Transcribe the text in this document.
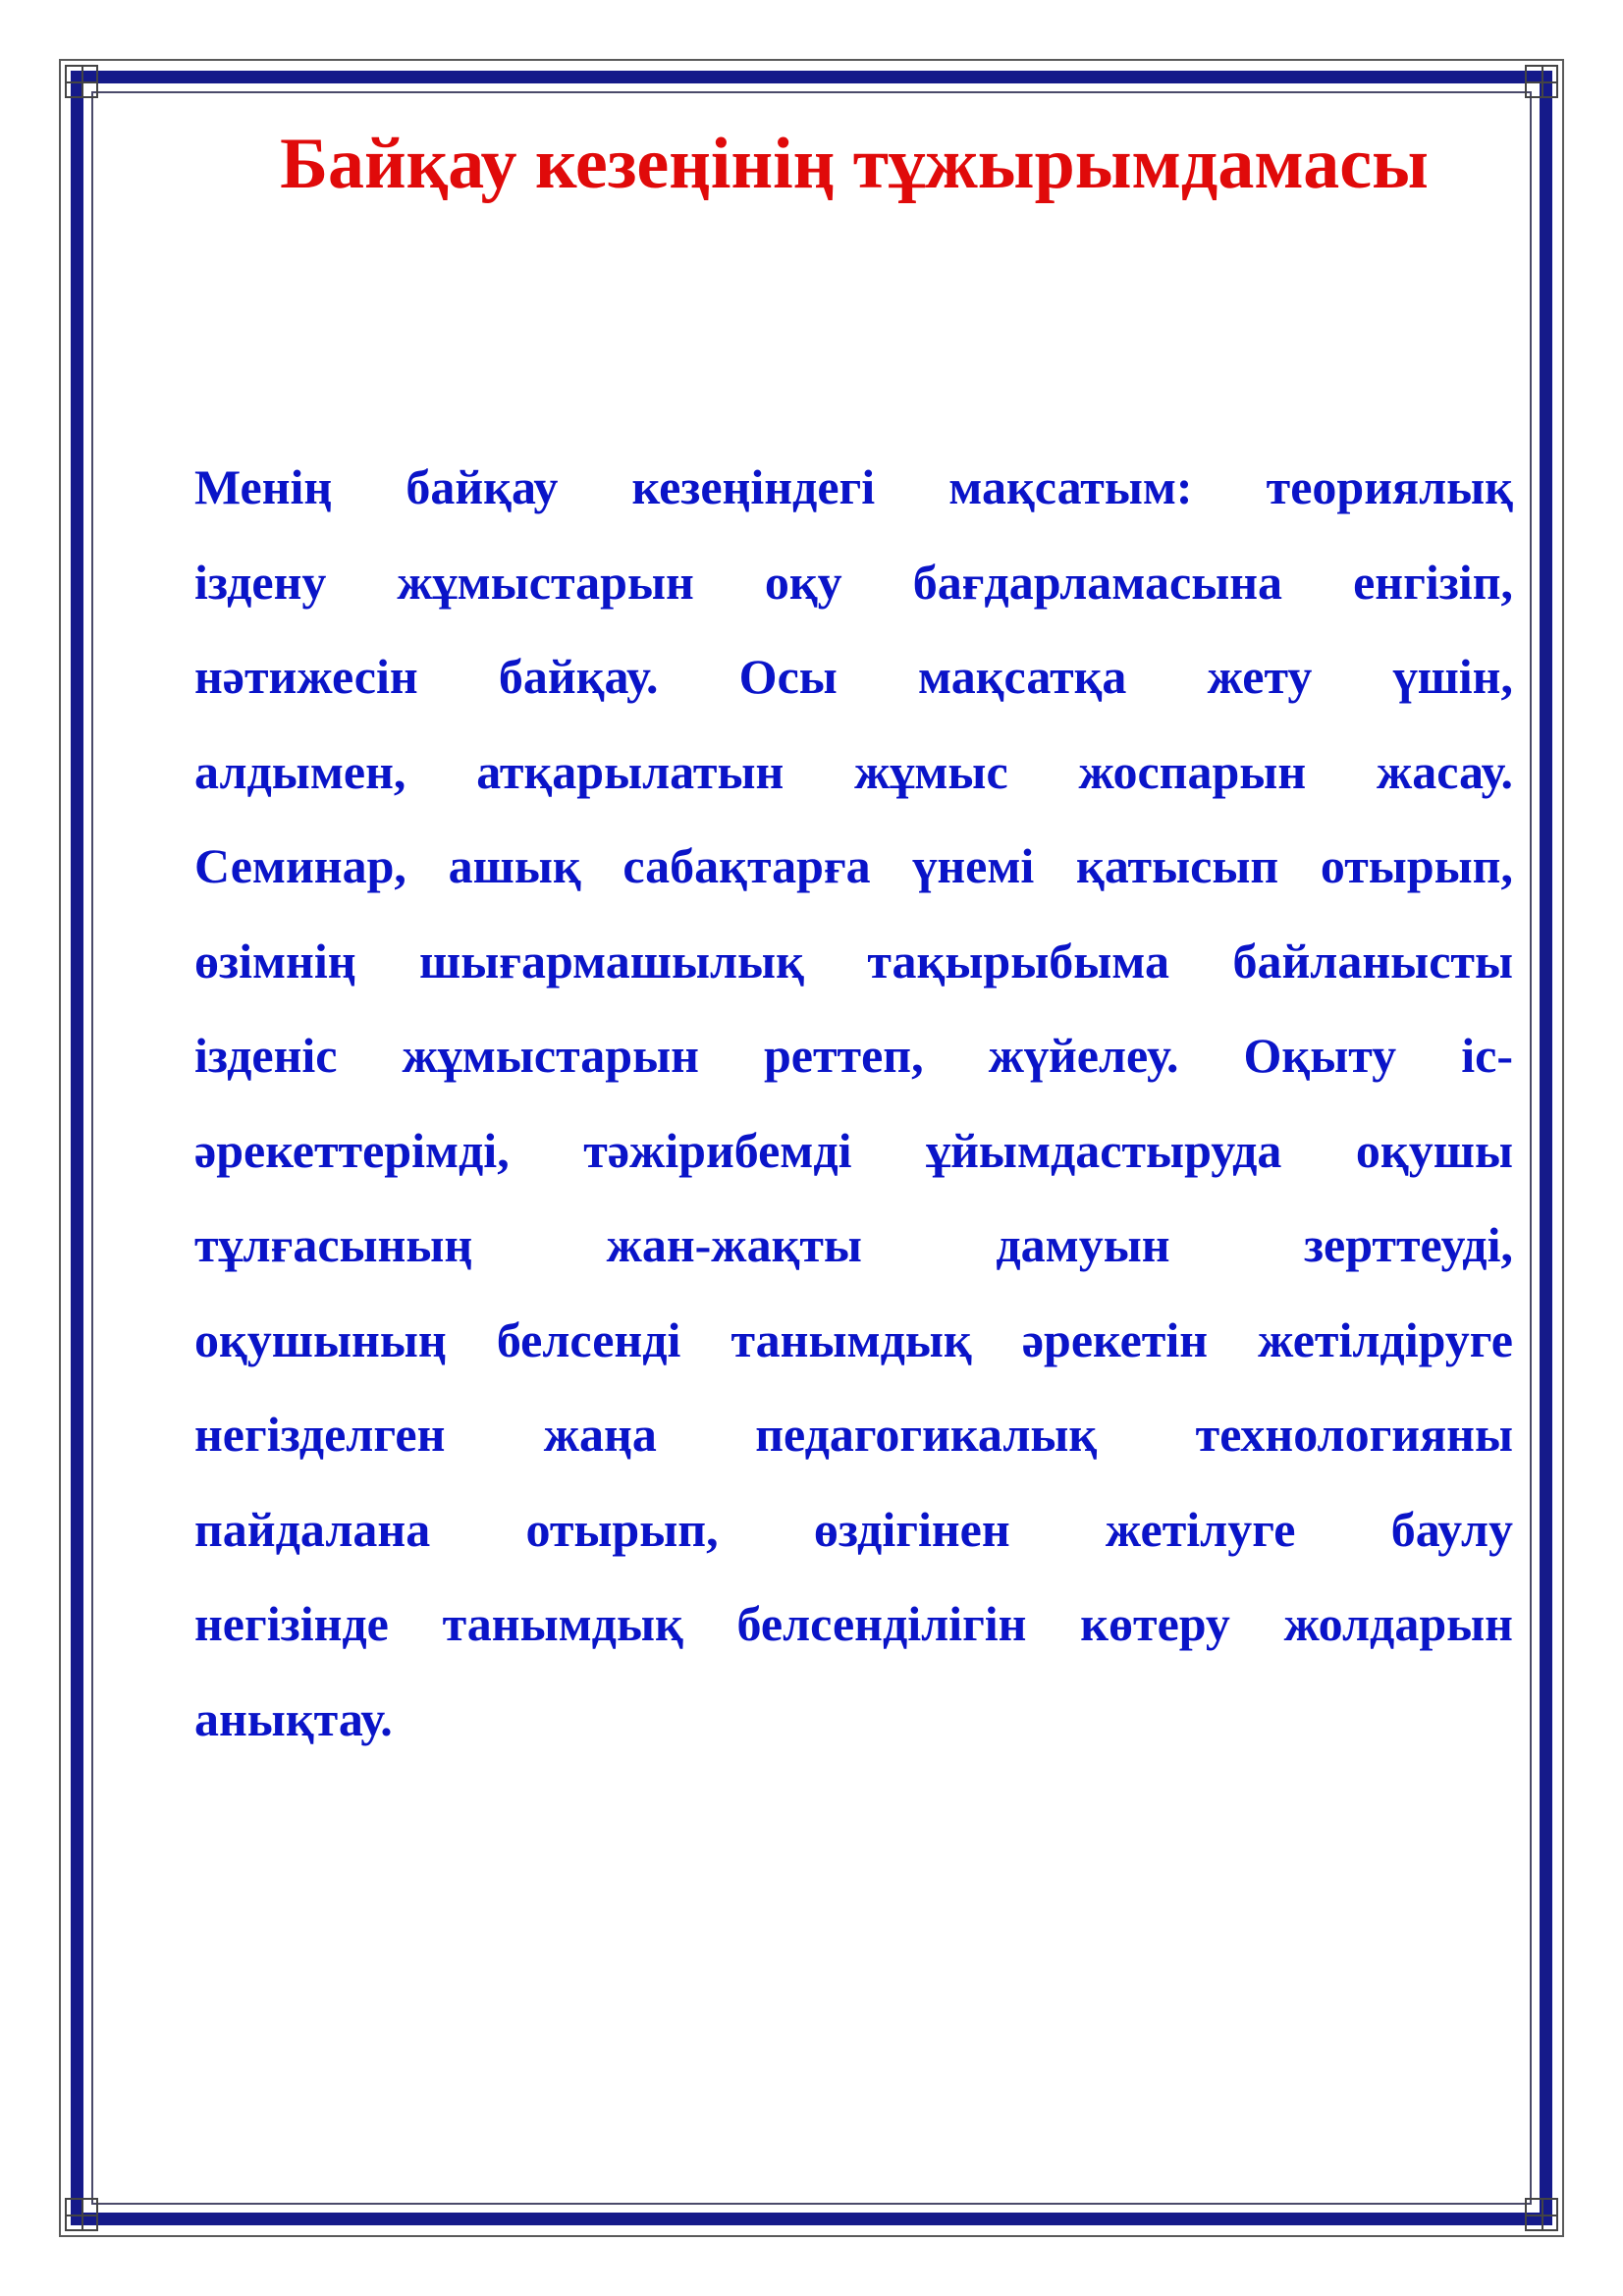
Байқау кезеңінің тұжырымдамасы
Менің байқау кезеңіндегі мақсатым: теориялық
іздену жұмыстарын оқу бағдарламасына енгізіп,
нәтижесін байқау. Осы мақсатқа жету үшін,
алдымен, атқарылатын жұмыс жоспарын жасау.
Семинар, ашық сабақтарға үнемі қатысып отырып,
өзімнің шығармашылық тақырыбыма байланысты
ізденіс жұмыстарын реттеп, жүйелеу. Оқыту іс-
әрекеттерімді, тәжірибемді ұйымдастыруда оқушы
тұлғасының жан-жақты дамуын зерттеуді,
оқушының белсенді танымдық әрекетін жетілдіруге
негізделген жаңа педагогикалық технологияны
пайдалана отырып, өздігінен жетілуге баулу
негізінде танымдық белсенділігін көтеру жолдарын
анықтау.
